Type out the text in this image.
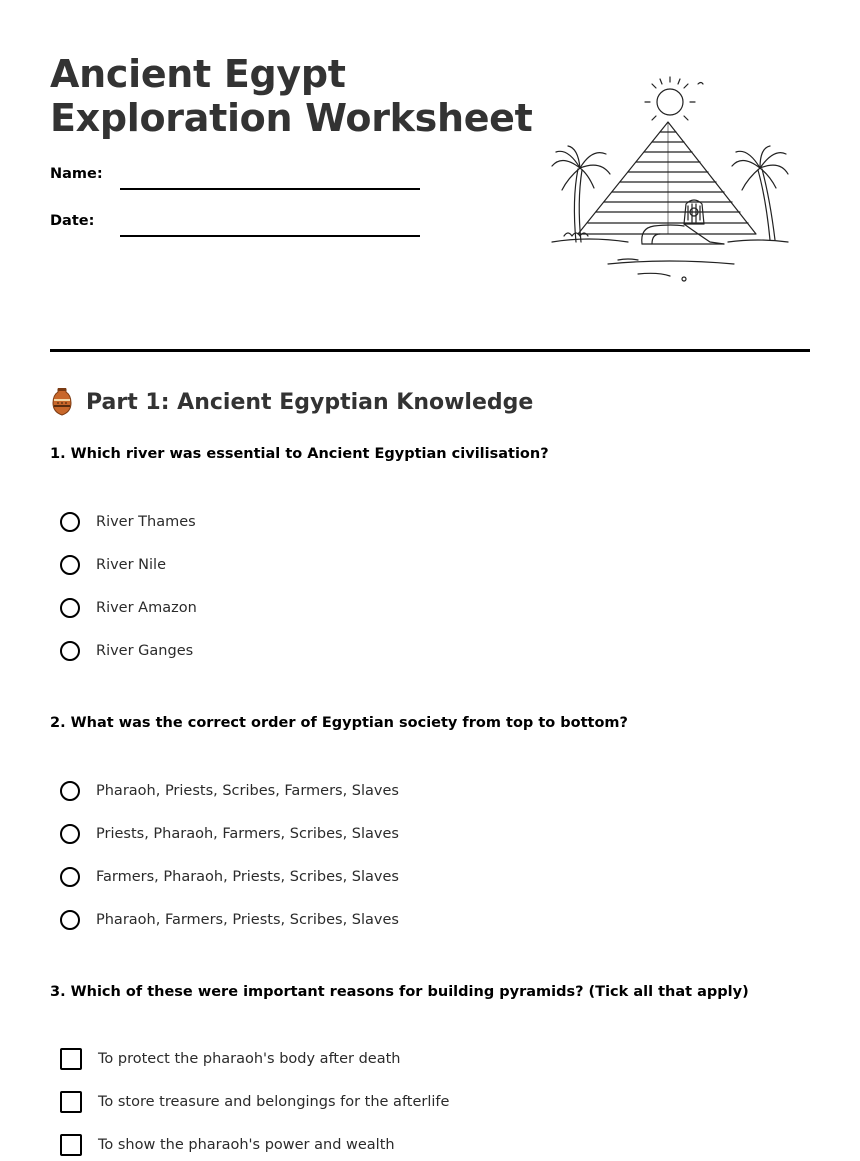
Ancient Egypt
Exploration Worksheet
Name:
Date:
Part 1: Ancient Egyptian Knowledge

1. Which river was essential to Ancient Egyptian civilisation?

River Thames
River Nile
River Amazon
River Ganges

2. What was the correct order of Egyptian society from top to bottom?

Pharaoh, Priests, Scribes, Farmers, Slaves
Priests, Pharaoh, Farmers, Scribes, Slaves
Farmers, Pharaoh, Priests, Scribes, Slaves
Pharaoh, Farmers, Priests, Scribes, Slaves

3. Which of these were important reasons for building pyramids? (Tick all that apply)

To protect the pharaoh's body after death
To store treasure and belongings for the afterlife
To show the pharaoh's power and wealth
